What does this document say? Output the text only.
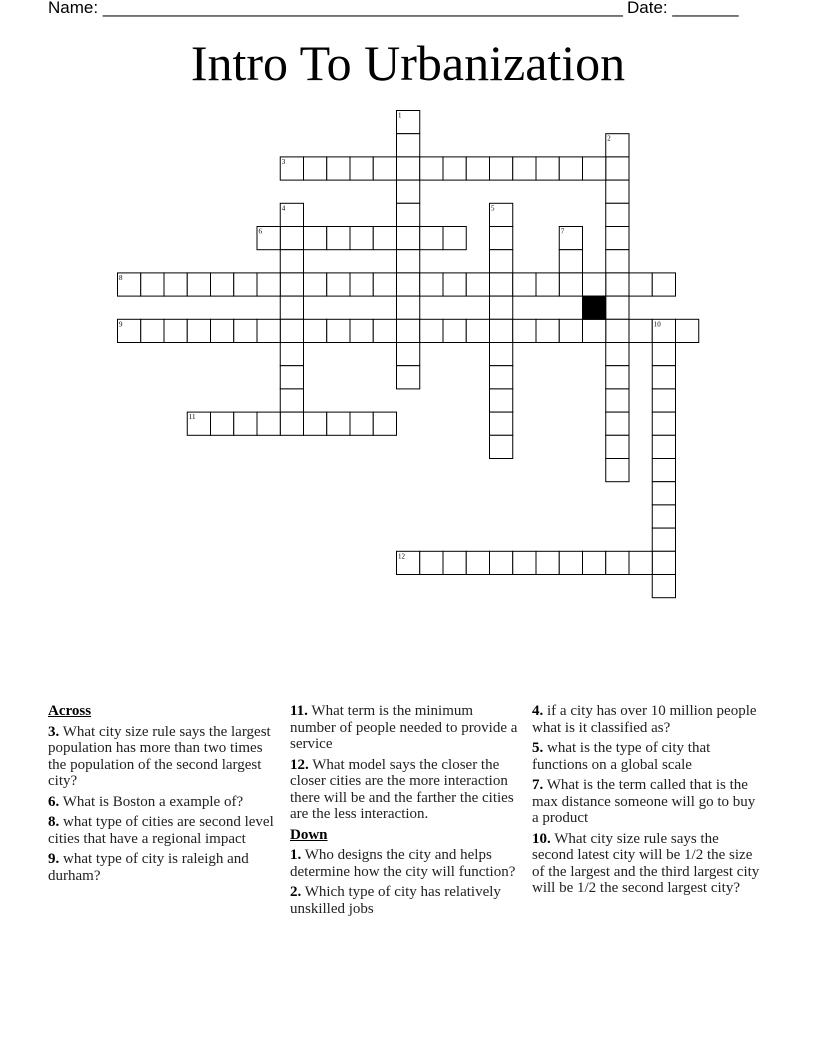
Name: _______________________________________________________ Date: _______
Intro To Urbanization
1
2
3
4	5
6	7
8
9	10
11
12
Across
3. What city size rule says the largest population has more than two times the population of the second largest city?
6. What is Boston a example of?
8. what type of cities are second level cities that have a regional impact
9. what type of city is raleigh and durham?
11. What term is the minimum number of people needed to provide a service
12. What model says the closer the closer cities are the more interaction there will be and the farther the cities are the less interaction.
Down
1. Who designs the city and helps determine how the city will function?
2. Which type of city has relatively unskilled jobs
4. if a city has over 10 million people what is it classified as?
5. what is the type of city that functions on a global scale
7. What is the term called that is the max distance someone will go to buy a product
10. What city size rule says the second latest city will be 1/2 the size of the largest and the third largest city will be 1/2 the second largest city?
